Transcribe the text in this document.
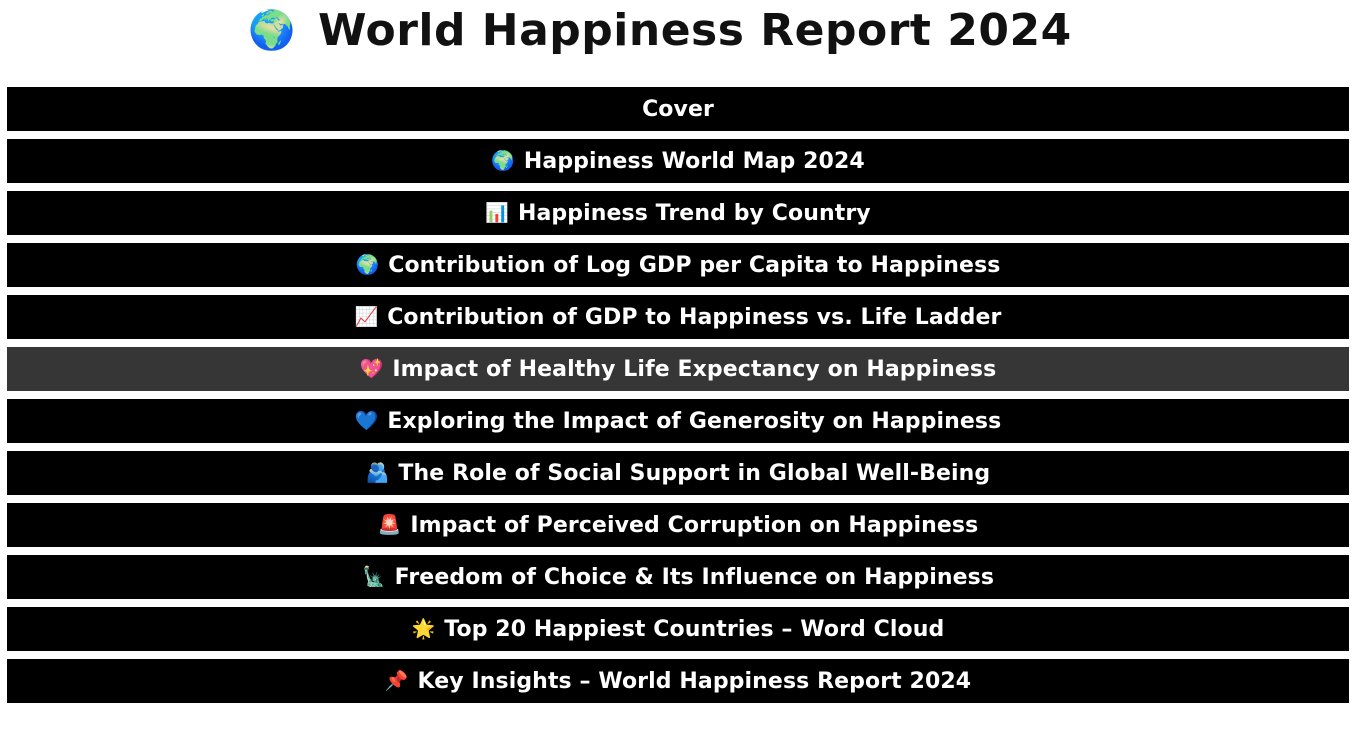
🌍 World Happiness Report 2024
Cover
🌍 Happiness World Map 2024
📊 Happiness Trend by Country
🌍 Contribution of Log GDP per Capita to Happiness
📈 Contribution of GDP to Happiness vs. Life Ladder
💖 Impact of Healthy Life Expectancy on Happiness
💙 Exploring the Impact of Generosity on Happiness
🫂 The Role of Social Support in Global Well-Being
🚨 Impact of Perceived Corruption on Happiness
🗽 Freedom of Choice & Its Influence on Happiness
🌟 Top 20 Happiest Countries – Word Cloud
📌 Key Insights – World Happiness Report 2024
